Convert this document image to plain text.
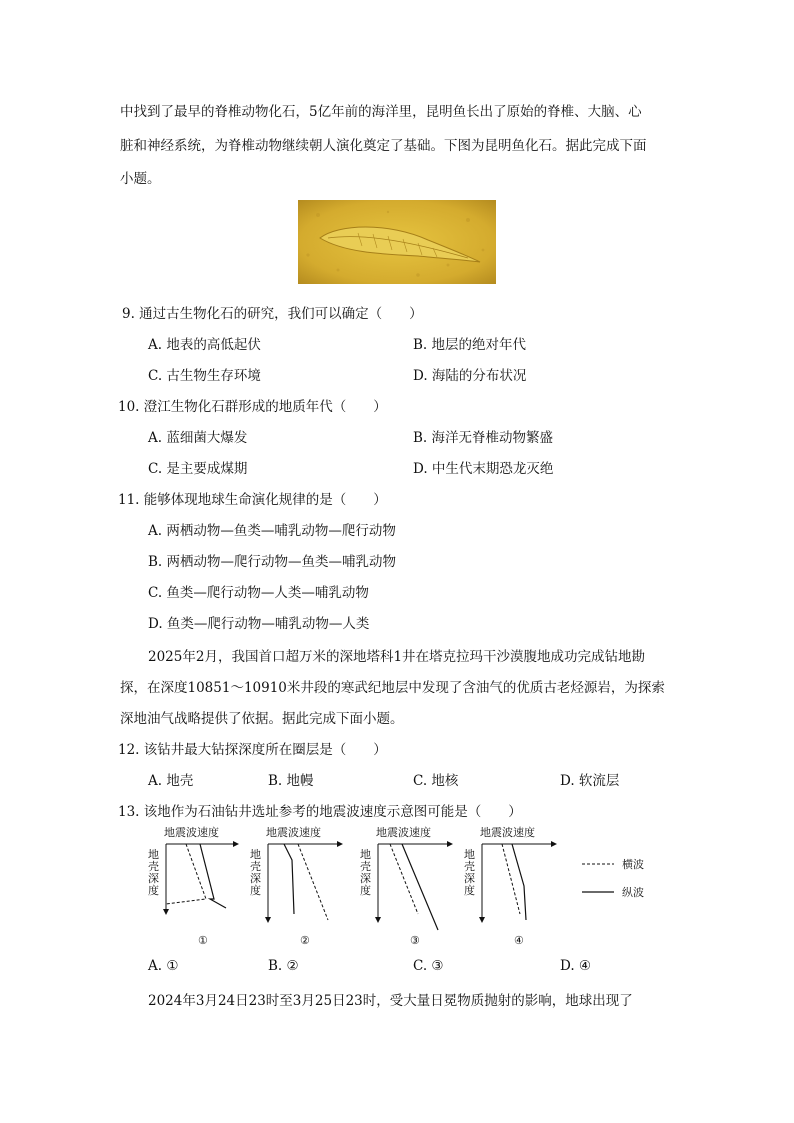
中找到了最早的脊椎动物化石，5亿年前的海洋里，昆明鱼长出了原始的脊椎、大脑、心
脏和神经系统，为脊椎动物继续朝人演化奠定了基础。下图为昆明鱼化石。据此完成下面
小题。
9. 通过古生物化石的研究，我们可以确定（　　）
A. 地表的高低起伏	B. 地层的绝对年代
C. 古生物生存环境	D. 海陆的分布状况
10. 澄江生物化石群形成的地质年代（　　）
A. 蓝细菌大爆发	B. 海洋无脊椎动物繁盛
C. 是主要成煤期	D. 中生代末期恐龙灭绝
11. 能够体现地球生命演化规律的是（　　）
A. 两栖动物—鱼类—哺乳动物—爬行动物
B. 两栖动物—爬行动物—鱼类—哺乳动物
C. 鱼类—爬行动物—人类—哺乳动物
D. 鱼类—爬行动物—哺乳动物—人类
2025年2月，我国首口超万米的深地塔科1井在塔克拉玛干沙漠腹地成功完成钻地勘
探，在深度10851～10910米井段的寒武纪地层中发现了含油气的优质古老烃源岩，为探索
深地油气战略提供了依据。据此完成下面小题。
12. 该钻井最大钻探深度所在圈层是（　　）
A. 地壳	B. 地幔	C. 地核	D. 软流层
13. 该地作为石油钻井选址参考的地震波速度示意图可能是（　　）
地震波速度
地
壳
深
度
①
地震波速度
地
壳
深
度
②
地震波速度
地
壳
深
度
③
地震波速度
地
壳
深
度
④
横波
纵波
A. ①	B. ②	C. ③	D. ④
2024年3月24日23时至3月25日23时，受大量日冕物质抛射的影响，地球出现了
